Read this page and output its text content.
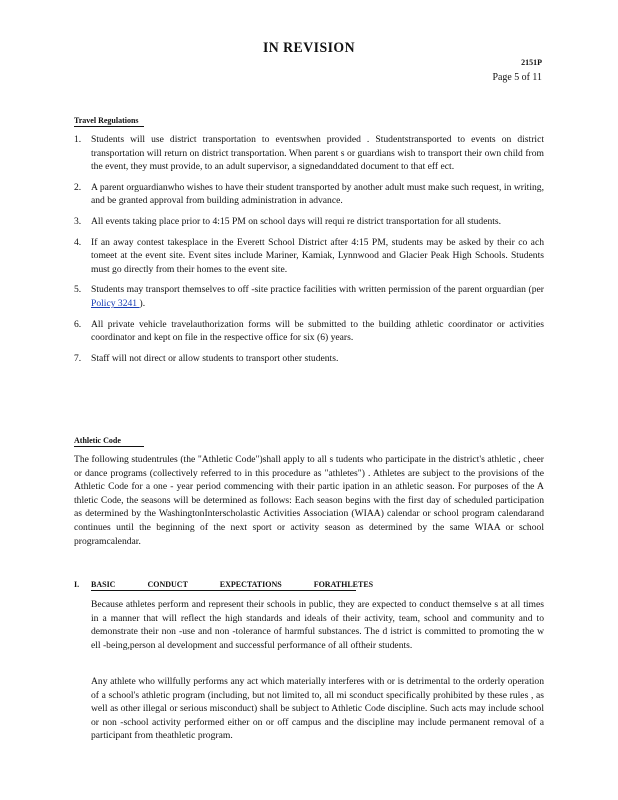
IN REVISION
2151P
Page 5 of 11
Travel Regulations
1. Students will use district transportation to eventswhen provided . Studentstransported to events on district transportation will return on district transportation. When parent s or guardians wish to transport their own child from the event, they must provide, to an adult supervisor, a signedanddated document to that eff ect.
2. A parent orguardianwho wishes to have their student transported by another adult must make such request, in writing, and be granted approval from building administration in advance.
3. All events taking place prior to 4:15 PM on school days will requi re district transportation for all students.
4. If an away contest takesplace in the Everett School District after 4:15 PM, students may be asked by their co ach tomeet at the event site. Event sites include Mariner, Kamiak, Lynnwood and Glacier Peak High Schools. Students must go directly from their homes to the event site.
5. Students may transport themselves to off -site practice facilities with written permission of the parent orguardian (per Policy 3241 ).
6. All private vehicle travelauthorization forms will be submitted to the building athletic coordinator or activities coordinator and kept on file in the respective office for six (6) years.
7. Staff will not direct or allow students to transport other students.
Athletic Code

The following studentrules (the "Athletic Code")shall apply to all s tudents who participate in the district's athletic , cheer or dance programs (collectively referred to in this procedure as "athletes") . Athletes are subject to the provisions of the Athletic Code for a one - year period commencing with their partic ipation in an athletic season. For purposes of the A thletic Code, the seasons will be determined as follows: Each season begins with the first day of scheduled participation as determined by the WashingtonInterscholastic Activities Association (WIAA) calendar or school program calendarand continues until the beginning of the next sport or activity season as determined by the same WIAA or school programcalendar.

I. BASIC CONDUCT EXPECTATIONS FORATHLETES

Because athletes perform and represent their schools in public, they are expected to conduct themselve s at all times in a manner that will reflect the high standards and ideals of their activity, team, school and community and to demonstrate their non -use and non -tolerance of harmful substances. The d istrict is committed to promoting the w ell -being,person al development and successful performance of all oftheir students.

Any athlete who willfully performs any act which materially interferes with or is detrimental to the orderly operation of a school's athletic program (including, but not limited to, all mi sconduct specifically prohibited by these rules , as well as other illegal or serious misconduct) shall be subject to Athletic Code discipline. Such acts may include school or non -school activity performed either on or off campus and the discipline may include permanent removal of a participant from theathletic program.
